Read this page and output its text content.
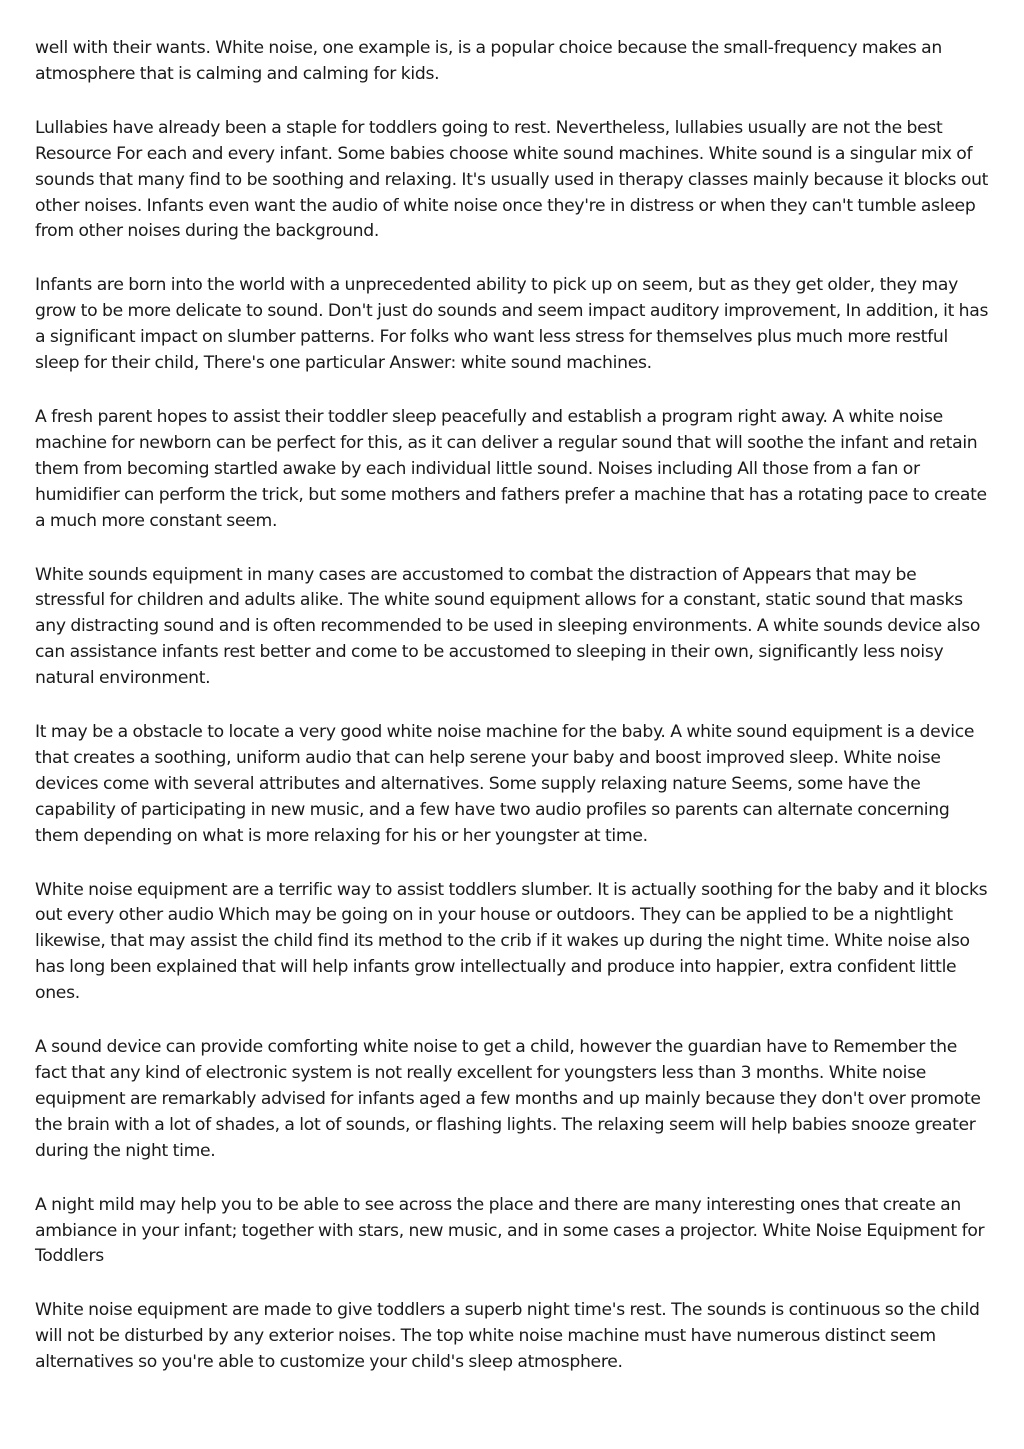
well with their wants. White noise, one example is, is a popular choice because the small-frequency makes an atmosphere that is calming and calming for kids.

Lullabies have already been a staple for toddlers going to rest. Nevertheless, lullabies usually are not the best Resource For each and every infant. Some babies choose white sound machines. White sound is a singular mix of sounds that many find to be soothing and relaxing. It's usually used in therapy classes mainly because it blocks out other noises. Infants even want the audio of white noise once they're in distress or when they can't tumble asleep from other noises during the background.

Infants are born into the world with a unprecedented ability to pick up on seem, but as they get older, they may grow to be more delicate to sound. Don't just do sounds and seem impact auditory improvement, In addition, it has a significant impact on slumber patterns. For folks who want less stress for themselves plus much more restful sleep for their child, There's one particular Answer: white sound machines.

A fresh parent hopes to assist their toddler sleep peacefully and establish a program right away. A white noise machine for newborn can be perfect for this, as it can deliver a regular sound that will soothe the infant and retain them from becoming startled awake by each individual little sound. Noises including All those from a fan or humidifier can perform the trick, but some mothers and fathers prefer a machine that has a rotating pace to create a much more constant seem.

White sounds equipment in many cases are accustomed to combat the distraction of Appears that may be stressful for children and adults alike. The white sound equipment allows for a constant, static sound that masks any distracting sound and is often recommended to be used in sleeping environments. A white sounds device also can assistance infants rest better and come to be accustomed to sleeping in their own, significantly less noisy natural environment.

It may be a obstacle to locate a very good white noise machine for the baby. A white sound equipment is a device that creates a soothing, uniform audio that can help serene your baby and boost improved sleep. White noise devices come with several attributes and alternatives. Some supply relaxing nature Seems, some have the capability of participating in new music, and a few have two audio profiles so parents can alternate concerning them depending on what is more relaxing for his or her youngster at time.

White noise equipment are a terrific way to assist toddlers slumber. It is actually soothing for the baby and it blocks out every other audio Which may be going on in your house or outdoors. They can be applied to be a nightlight likewise, that may assist the child find its method to the crib if it wakes up during the night time. White noise also has long been explained that will help infants grow intellectually and produce into happier, extra confident little ones.

A sound device can provide comforting white noise to get a child, however the guardian have to Remember the fact that any kind of electronic system is not really excellent for youngsters less than 3 months. White noise equipment are remarkably advised for infants aged a few months and up mainly because they don't over promote the brain with a lot of shades, a lot of sounds, or flashing lights. The relaxing seem will help babies snooze greater during the night time.

A night mild may help you to be able to see across the place and there are many interesting ones that create an ambiance in your infant; together with stars, new music, and in some cases a projector. White Noise Equipment for Toddlers

White noise equipment are made to give toddlers a superb night time's rest. The sounds is continuous so the child will not be disturbed by any exterior noises. The top white noise machine must have numerous distinct seem alternatives so you're able to customize your child's sleep atmosphere.
